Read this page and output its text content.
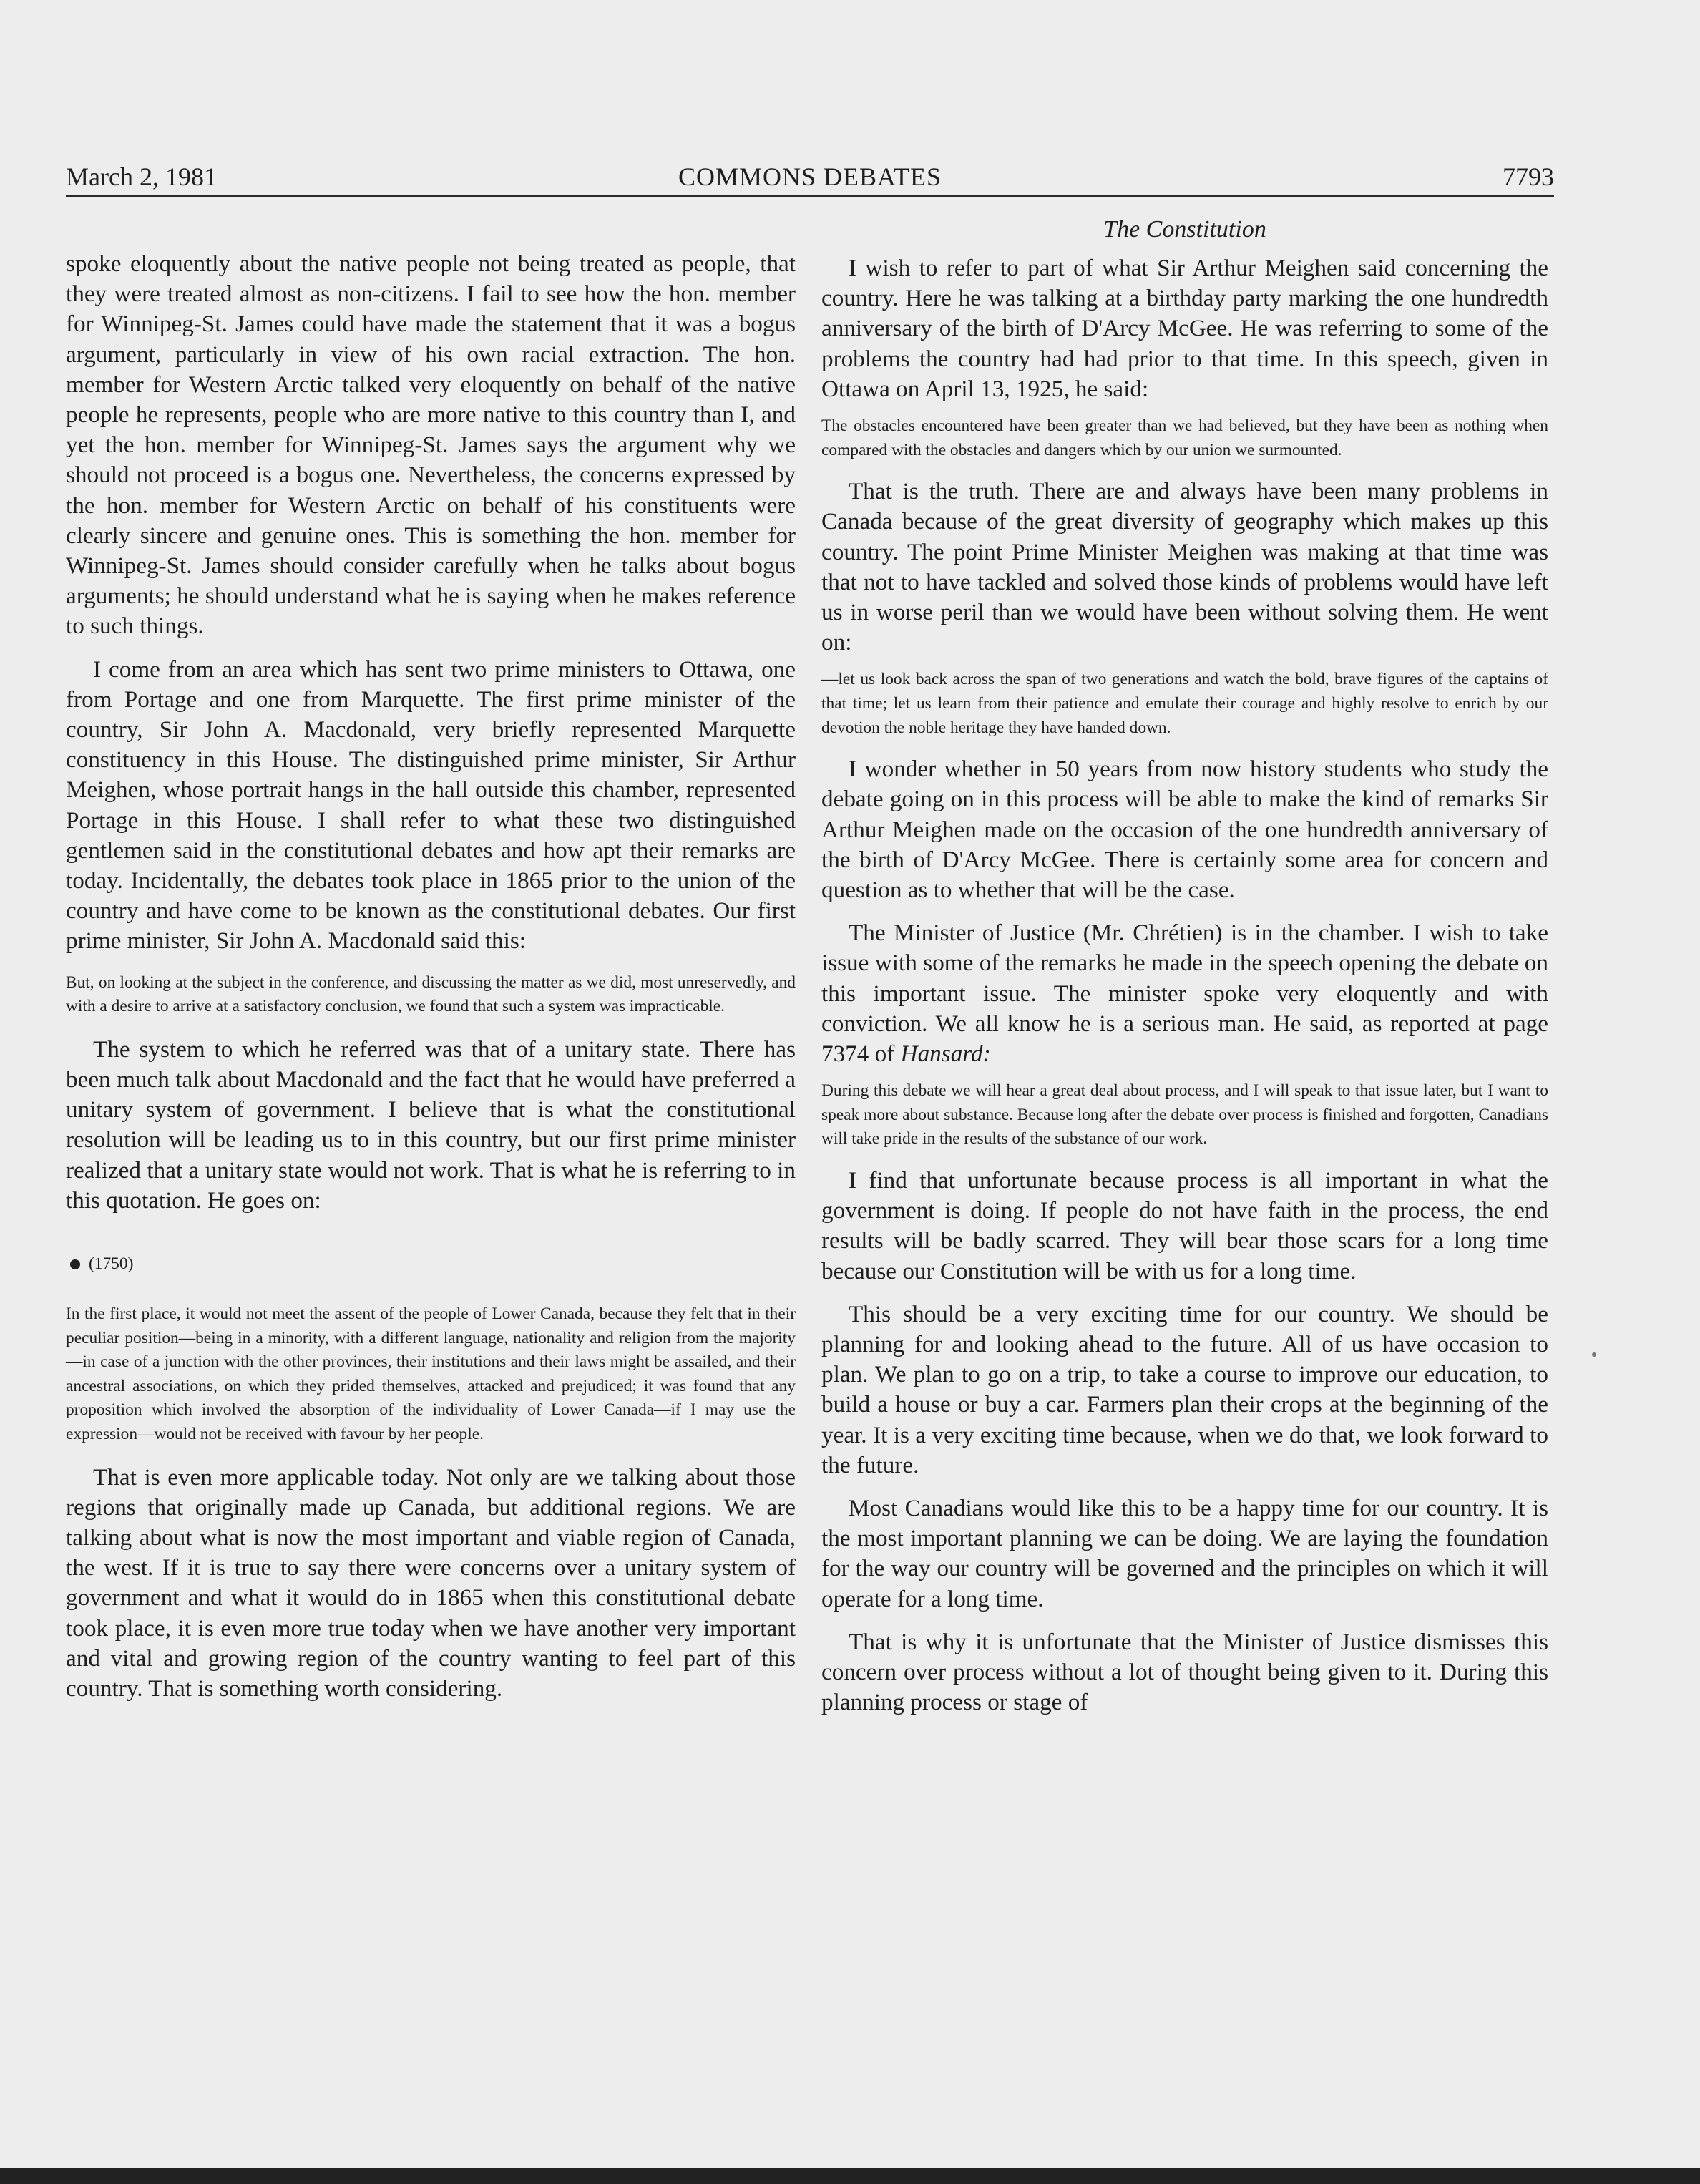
March 2, 1981	COMMONS DEBATES	7793

spoke eloquently about the native people not being treated as people, that they were treated almost as non-citizens. I fail to see how the hon. member for Winnipeg-St. James could have made the statement that it was a bogus argument, particularly in view of his own racial extraction. The hon. member for Western Arctic talked very eloquently on behalf of the native people he represents, people who are more native to this country than I, and yet the hon. member for Winnipeg-St. James says the argument why we should not proceed is a bogus one. Nevertheless, the concerns expressed by the hon. member for Western Arctic on behalf of his constituents were clearly sincere and genuine ones. This is something the hon. member for Winnipeg-St. James should consider carefully when he talks about bogus arguments; he should understand what he is saying when he makes reference to such things.

I come from an area which has sent two prime ministers to Ottawa, one from Portage and one from Marquette. The first prime minister of the country, Sir John A. Macdonald, very briefly represented Marquette constituency in this House. The distinguished prime minister, Sir Arthur Meighen, whose portrait hangs in the hall outside this chamber, represented Portage in this House. I shall refer to what these two distinguished gentlemen said in the constitutional debates and how apt their remarks are today. Incidentally, the debates took place in 1865 prior to the union of the country and have come to be known as the constitutional debates. Our first prime minister, Sir John A. Macdonald said this:

But, on looking at the subject in the conference, and discussing the matter as we did, most unreservedly, and with a desire to arrive at a satisfactory conclusion, we found that such a system was impracticable.

The system to which he referred was that of a unitary state. There has been much talk about Macdonald and the fact that he would have preferred a unitary system of government. I believe that is what the constitutional resolution will be leading us to in this country, but our first prime minister realized that a unitary state would not work. That is what he is referring to in this quotation. He goes on:

(1750)
In the first place, it would not meet the assent of the people of Lower Canada, because they felt that in their peculiar position—being in a minority, with a different language, nationality and religion from the majority—in case of a junction with the other provinces, their institutions and their laws might be assailed, and their ancestral associations, on which they prided themselves, attacked and prejudiced; it was found that any proposition which involved the absorption of the individuality of Lower Canada—if I may use the expression—would not be received with favour by her people.

That is even more applicable today. Not only are we talking about those regions that originally made up Canada, but additional regions. We are talking about what is now the most important and viable region of Canada, the west. If it is true to say there were concerns over a unitary system of government and what it would do in 1865 when this constitutional debate took place, it is even more true today when we have another very important and vital and growing region of the country wanting to feel part of this country. That is something worth considering.

The Constitution

I wish to refer to part of what Sir Arthur Meighen said concerning the country. Here he was talking at a birthday party marking the one hundredth anniversary of the birth of D'Arcy McGee. He was referring to some of the problems the country had had prior to that time. In this speech, given in Ottawa on April 13, 1925, he said:

The obstacles encountered have been greater than we had believed, but they have been as nothing when compared with the obstacles and dangers which by our union we surmounted.

That is the truth. There are and always have been many problems in Canada because of the great diversity of geography which makes up this country. The point Prime Minister Meighen was making at that time was that not to have tackled and solved those kinds of problems would have left us in worse peril than we would have been without solving them. He went on:

—let us look back across the span of two generations and watch the bold, brave figures of the captains of that time; let us learn from their patience and emulate their courage and highly resolve to enrich by our devotion the noble heritage they have handed down.

I wonder whether in 50 years from now history students who study the debate going on in this process will be able to make the kind of remarks Sir Arthur Meighen made on the occasion of the one hundredth anniversary of the birth of D'Arcy McGee. There is certainly some area for concern and question as to whether that will be the case.

The Minister of Justice (Mr. Chrétien) is in the chamber. I wish to take issue with some of the remarks he made in the speech opening the debate on this important issue. The minister spoke very eloquently and with conviction. We all know he is a serious man. He said, as reported at page 7374 of Hansard:

During this debate we will hear a great deal about process, and I will speak to that issue later, but I want to speak more about substance. Because long after the debate over process is finished and forgotten, Canadians will take pride in the results of the substance of our work.

I find that unfortunate because process is all important in what the government is doing. If people do not have faith in the process, the end results will be badly scarred. They will bear those scars for a long time because our Constitution will be with us for a long time.

This should be a very exciting time for our country. We should be planning for and looking ahead to the future. All of us have occasion to plan. We plan to go on a trip, to take a course to improve our education, to build a house or buy a car. Farmers plan their crops at the beginning of the year. It is a very exciting time because, when we do that, we look forward to the future.

Most Canadians would like this to be a happy time for our country. It is the most important planning we can be doing. We are laying the foundation for the way our country will be governed and the principles on which it will operate for a long time.

That is why it is unfortunate that the Minister of Justice dismisses this concern over process without a lot of thought being given to it. During this planning process or stage of
